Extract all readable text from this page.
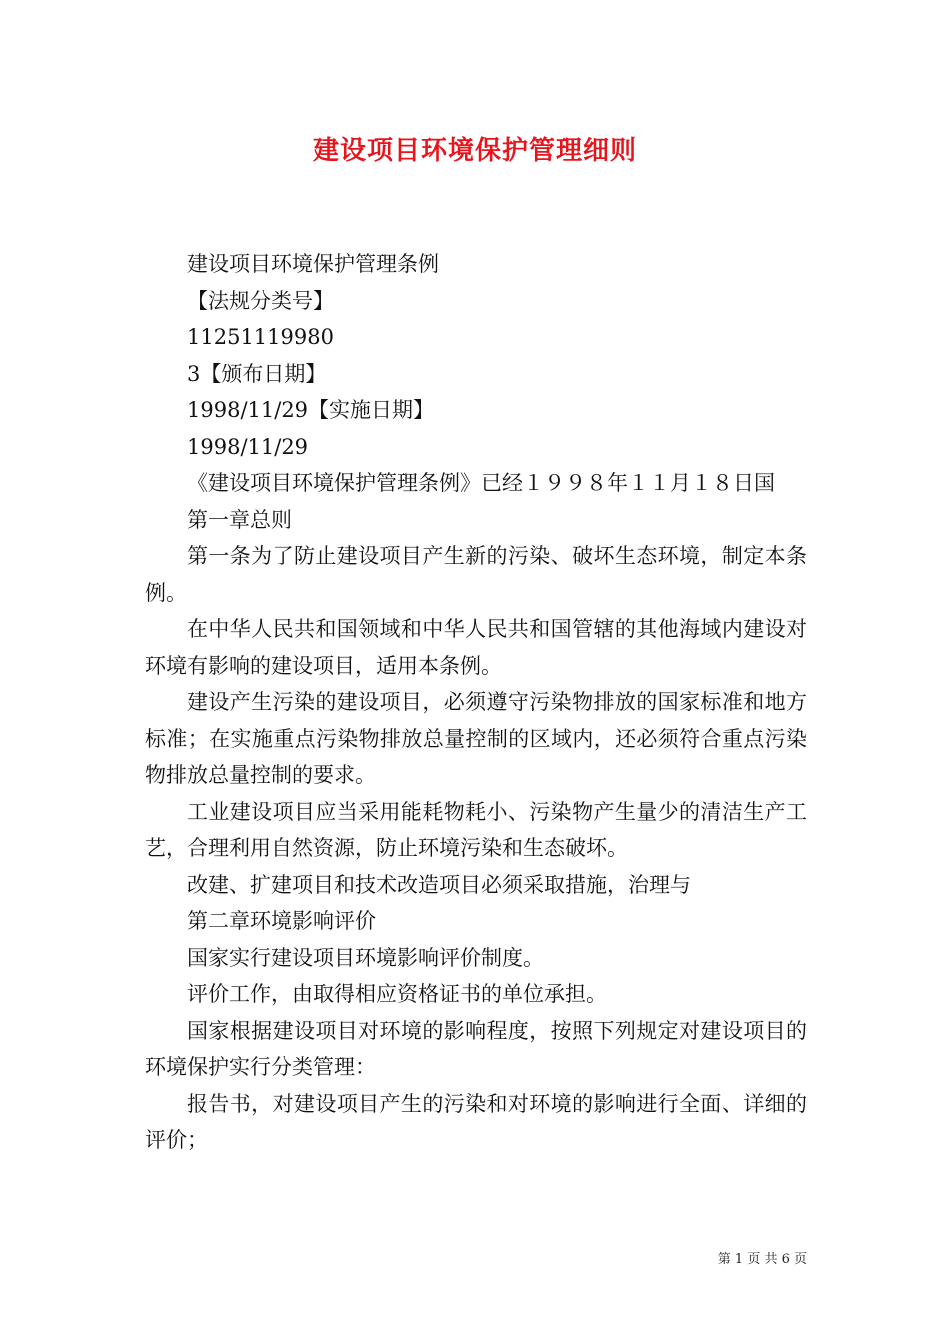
建设项目环境保护管理细则

建设项目环境保护管理条例

【法规分类号】

11251119980

3【颁布日期】

1998/11/29【实施日期】

1998/11/29

《建设项目环境保护管理条例》已经１９９８年１１月１８日国

第一章总则

第一条为了防止建设项目产生新的污染、破坏生态环境，制定本条例。

在中华人民共和国领域和中华人民共和国管辖的其他海域内建设对环境有影响的建设项目，适用本条例。

建设产生污染的建设项目，必须遵守污染物排放的国家标准和地方标准；在实施重点污染物排放总量控制的区域内，还必须符合重点污染物排放总量控制的要求。

工业建设项目应当采用能耗物耗小、污染物产生量少的清洁生产工艺，合理利用自然资源，防止环境污染和生态破坏。

改建、扩建项目和技术改造项目必须采取措施，治理与

第二章环境影响评价

国家实行建设项目环境影响评价制度。

评价工作，由取得相应资格证书的单位承担。

国家根据建设项目对环境的影响程度，按照下列规定对建设项目的环境保护实行分类管理：

报告书，对建设项目产生的污染和对环境的影响进行全面、详细的评价；

第 1 页 共 6 页
